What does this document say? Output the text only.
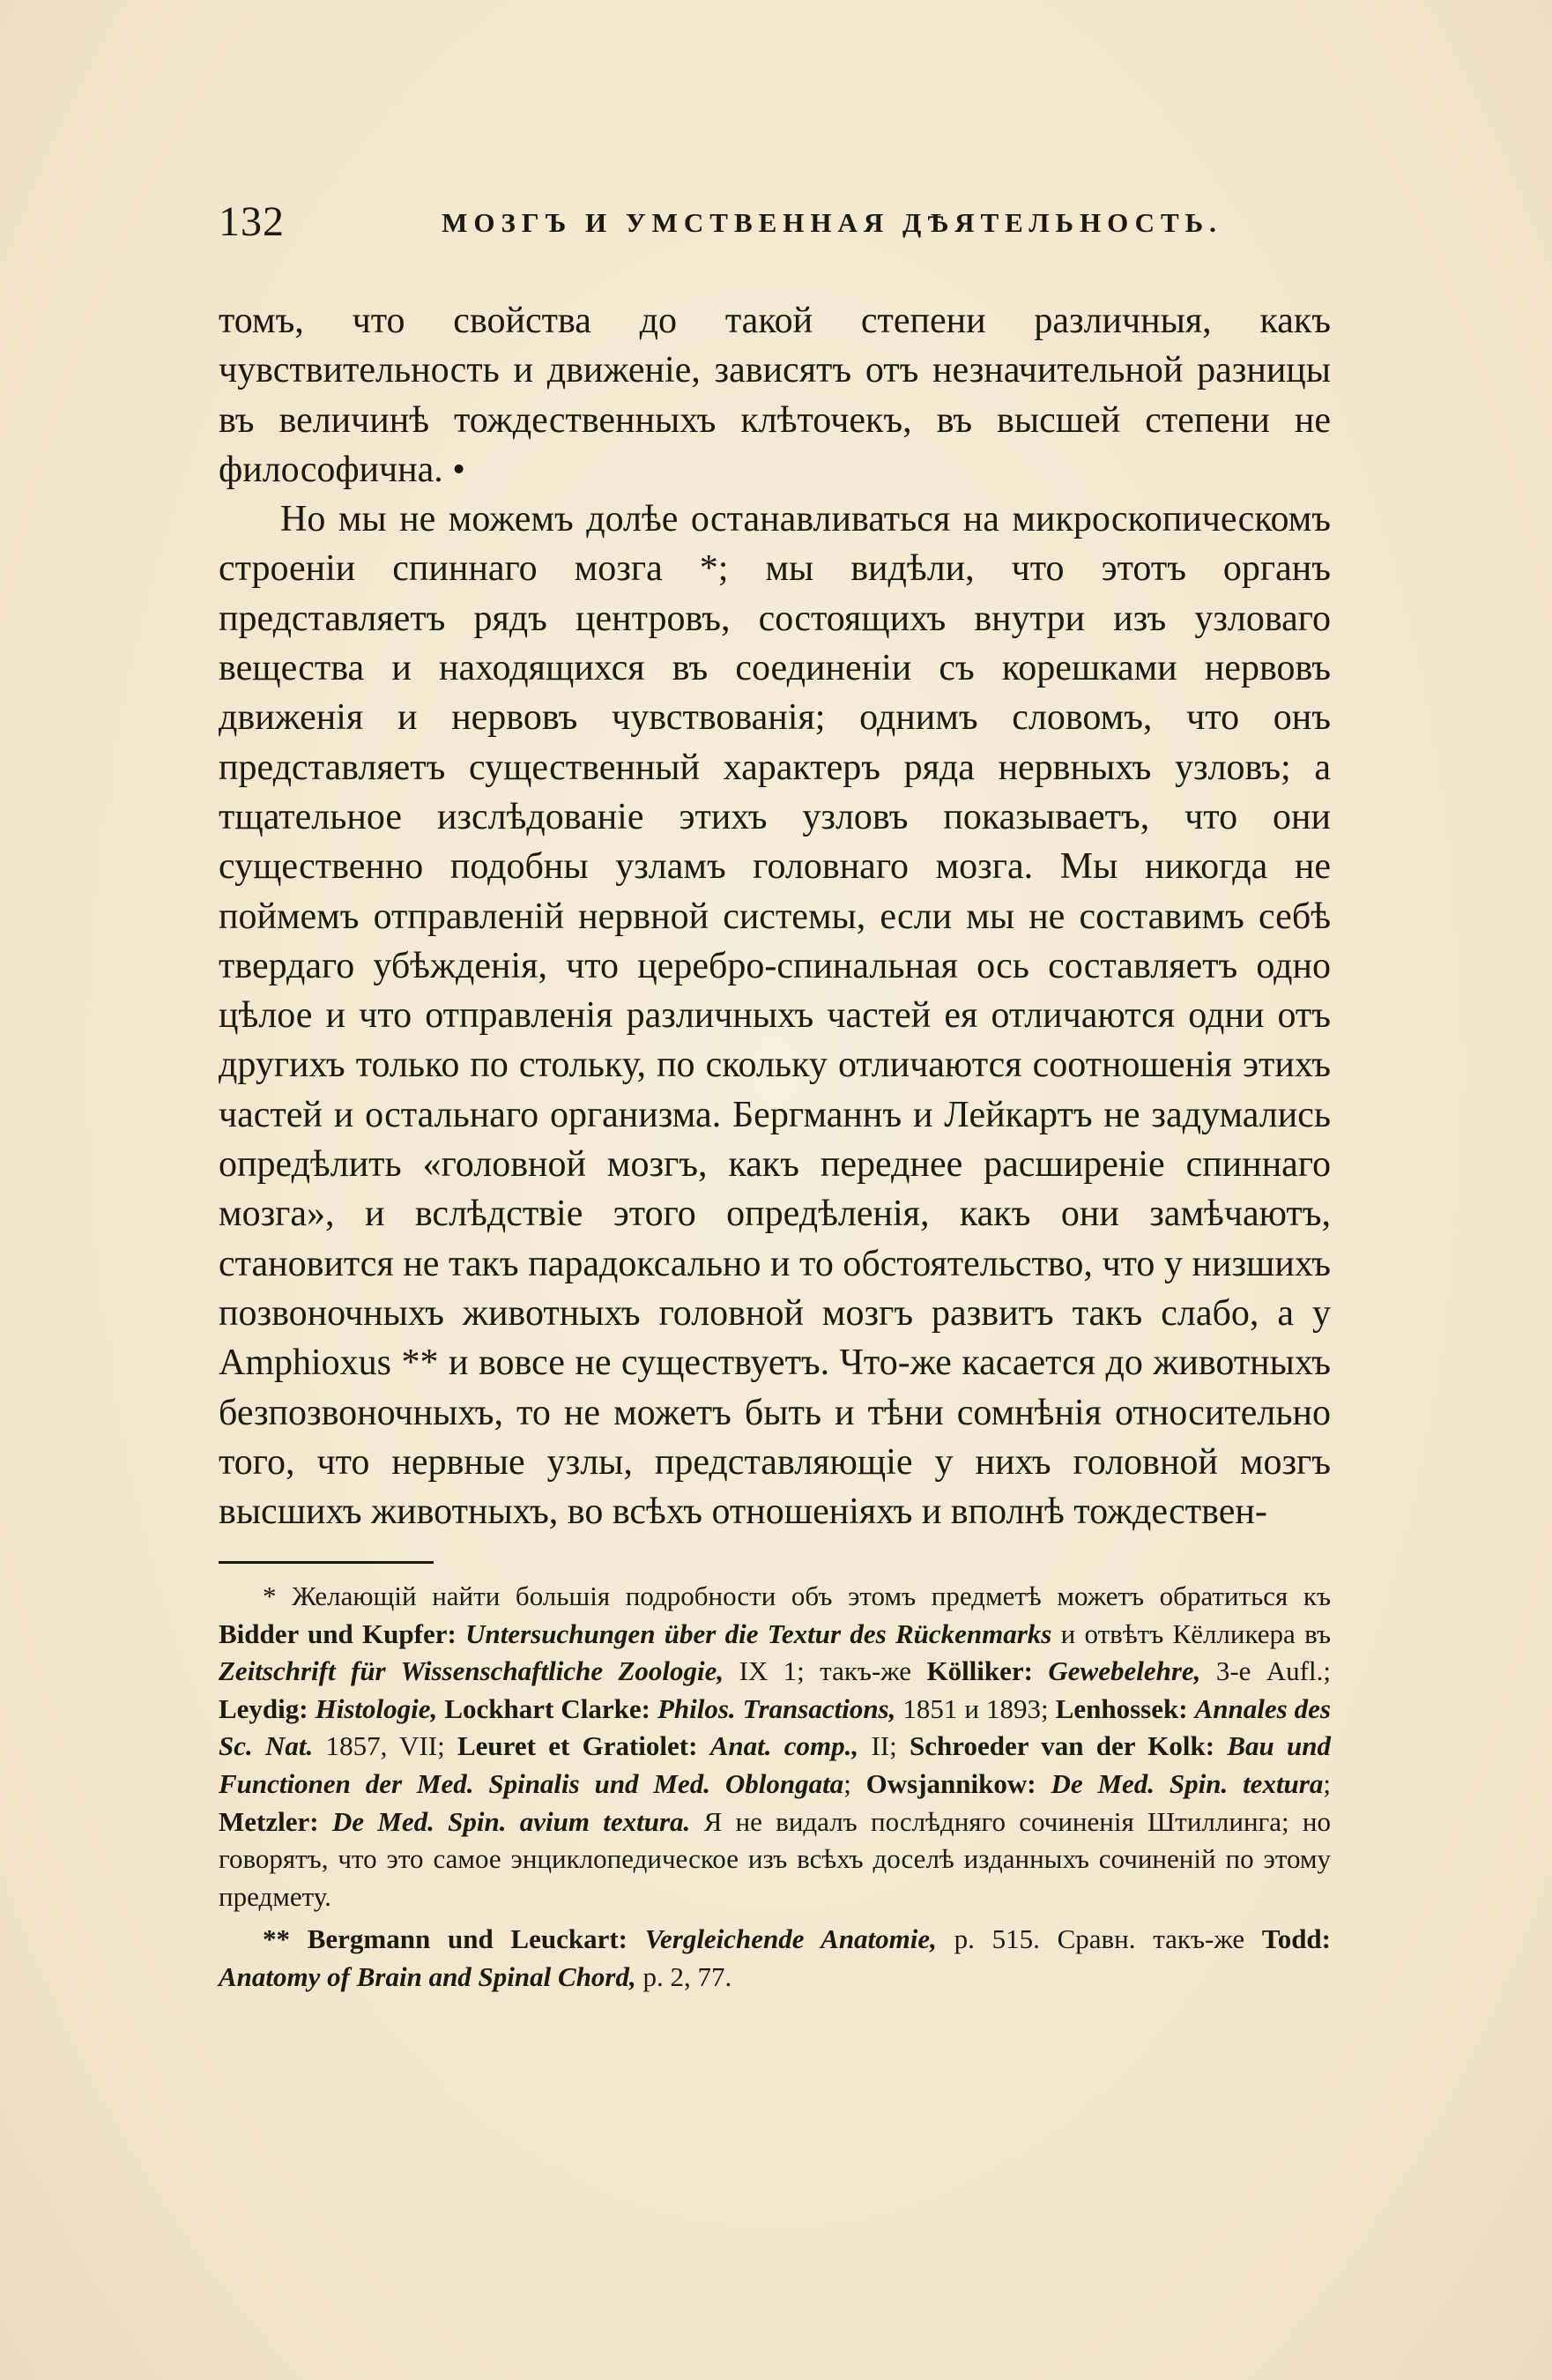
132	МОЗГЪ И УМСТВЕННАЯ ДѢЯТЕЛЬНОСТЬ.

томъ, что свойства до такой степени различныя, какъ чувствительность и движенiе, зависятъ отъ незначительной разницы въ величинѣ тождественныхъ клѣточекъ, въ высшей степени не философична. •

Но мы не можемъ долѣе останавливаться на микроскопическомъ строенiи спиннаго мозга *; мы видѣли, что этотъ органъ представляетъ рядъ центровъ, состоящихъ внутри изъ узловаго вещества и находящихся въ соединенiи съ корешками нервовъ движенiя и нервовъ чувствованiя; однимъ словомъ, что онъ представляетъ существенный характеръ ряда нервныхъ узловъ; а тщательное изслѣдованiе этихъ узловъ показываетъ, что они существенно подобны узламъ головнаго мозга. Мы никогда не поймемъ отправленiй нервной системы, если мы не составимъ себѣ твердаго убѣжденiя, что церебро-спинальная ось составляетъ одно цѣлое и что отправленiя различныхъ частей ея отличаются одни отъ другихъ только по стольку, по скольку отличаются соотношенiя этихъ частей и остальнаго организма. Бергманнъ и Лейкартъ не задумались опредѣлить «головной мозгъ, какъ переднее расширенiе спиннаго мозга», и вслѣдствiе этого опредѣленiя, какъ они замѣчаютъ, становится не такъ парадоксально и то обстоятельство, что у низшихъ позвоночныхъ животныхъ головной мозгъ развитъ такъ слабо, а у Amphioxus ** и вовсе не существуетъ. Что-же касается до животныхъ безпозвоночныхъ, то не можетъ быть и тѣни сомнѣнiя относительно того, что нервные узлы, представляющiе у нихъ головной мозгъ высшихъ животныхъ, во всѣхъ отношенiяхъ и вполнѣ тождествен-

* Желающiй найти большiя подробности объ этомъ предметѣ можетъ обратиться къ Bidder und Kupfer: Untersuchungen über die Textur des Rückenmarks и отвѣтъ Кёлликера въ Zeitschrift für Wissenschaftliche Zoologie, IX 1; такъ-же Kölliker: Gewebelehre, 3-е Aufl.; Leydig: Histologie, Lockhart Clarke: Philos. Transactions, 1851 и 1893; Lenhossek: Annales des Sc. Nat. 1857, VII; Leuret et Gratiolet: Anat. comp., II; Schroeder van der Kolk: Bau und Functionen der Med. Spinalis und Med. Oblongata; Owsjannikow: De Med. Spin. textura; Metzler: De Med. Spin. avium textura. Я не видалъ послѣдняго сочиненiя Штиллинга; но говорятъ, что это самое энциклопедическое изъ всѣхъ доселѣ изданныхъ сочиненiй по этому предмету.

** Bergmann und Leuckart: Vergleichende Anatomie, p. 515. Сравн. такъ-же Todd: Anatomy of Brain and Spinal Chord, p. 2, 77.
